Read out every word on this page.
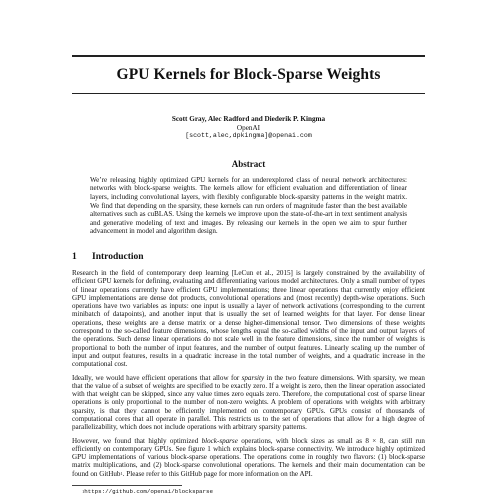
GPU Kernels for Block-Sparse Weights
Scott Gray, Alec Radford and Diederik P. Kingma
OpenAI
[scott,alec,dpkingma]@openai.com
Abstract

We’re releasing highly optimized GPU kernels for an underexplored class of neural network architectures: networks with block-sparse weights. The kernels allow for efficient evaluation and differentiation of linear layers, including convolutional layers, with flexibly configurable block-sparsity patterns in the weight matrix. We find that depending on the sparsity, these kernels can run orders of magnitude faster than the best available alternatives such as cuBLAS. Using the kernels we improve upon the state-of-the-art in text sentiment analysis and generative modeling of text and images. By releasing our kernels in the open we aim to spur further advancement in model and algorithm design.

1	Introduction

Research in the field of contemporary deep learning [LeCun et al., 2015] is largely constrained by the availability of efficient GPU kernels for defining, evaluating and differentiating various model architectures. Only a small number of types of linear operations currently have efficient GPU implementations; three linear operations that currently enjoy efficient GPU implementations are dense dot products, convolutional operations and (most recently) depth-wise operations. Such operations have two variables as inputs: one input is usually a layer of network activations (corresponding to the current minibatch of datapoints), and another input that is usually the set of learned weights for that layer. For dense linear operations, these weights are a dense matrix or a dense higher-dimensional tensor. Two dimensions of these weights correspond to the so-called feature dimensions, whose lengths equal the so-called widths of the input and output layers of the operations. Such dense linear operations do not scale well in the feature dimensions, since the number of weights is proportional to both the number of input features, and the number of output features. Linearly scaling up the number of input and output features, results in a quadratic increase in the total number of weights, and a quadratic increase in the computational cost.

Ideally, we would have efficient operations that allow for sparsity in the two feature dimensions. With sparsity, we mean that the value of a subset of weights are specified to be exactly zero. If a weight is zero, then the linear operation associated with that weight can be skipped, since any value times zero equals zero. Therefore, the computational cost of sparse linear operations is only proportional to the number of non-zero weights. A problem of operations with weights with arbitrary sparsity, is that they cannot be efficiently implemented on contemporary GPUs. GPUs consist of thousands of computational cores that all operate in parallel. This restricts us to the set of operations that allow for a high degree of parallelizability, which does not include operations with arbitrary sparsity patterns.

However, we found that highly optimized block-sparse operations, with block sizes as small as 8 × 8, can still run efficiently on contemporary GPUs. See figure 1 which explains block-sparse connectivity. We introduce highly optimized GPU implementations of various block-sparse operations. The operations come in roughly two flavors: (1) block-sparse matrix multiplications, and (2) block-sparse convolutional operations. The kernels and their main documentation can be found on GitHub$^1$. Please refer to this GitHub page for more information on the API.

$^1$https://github.com/openai/blocksparse
